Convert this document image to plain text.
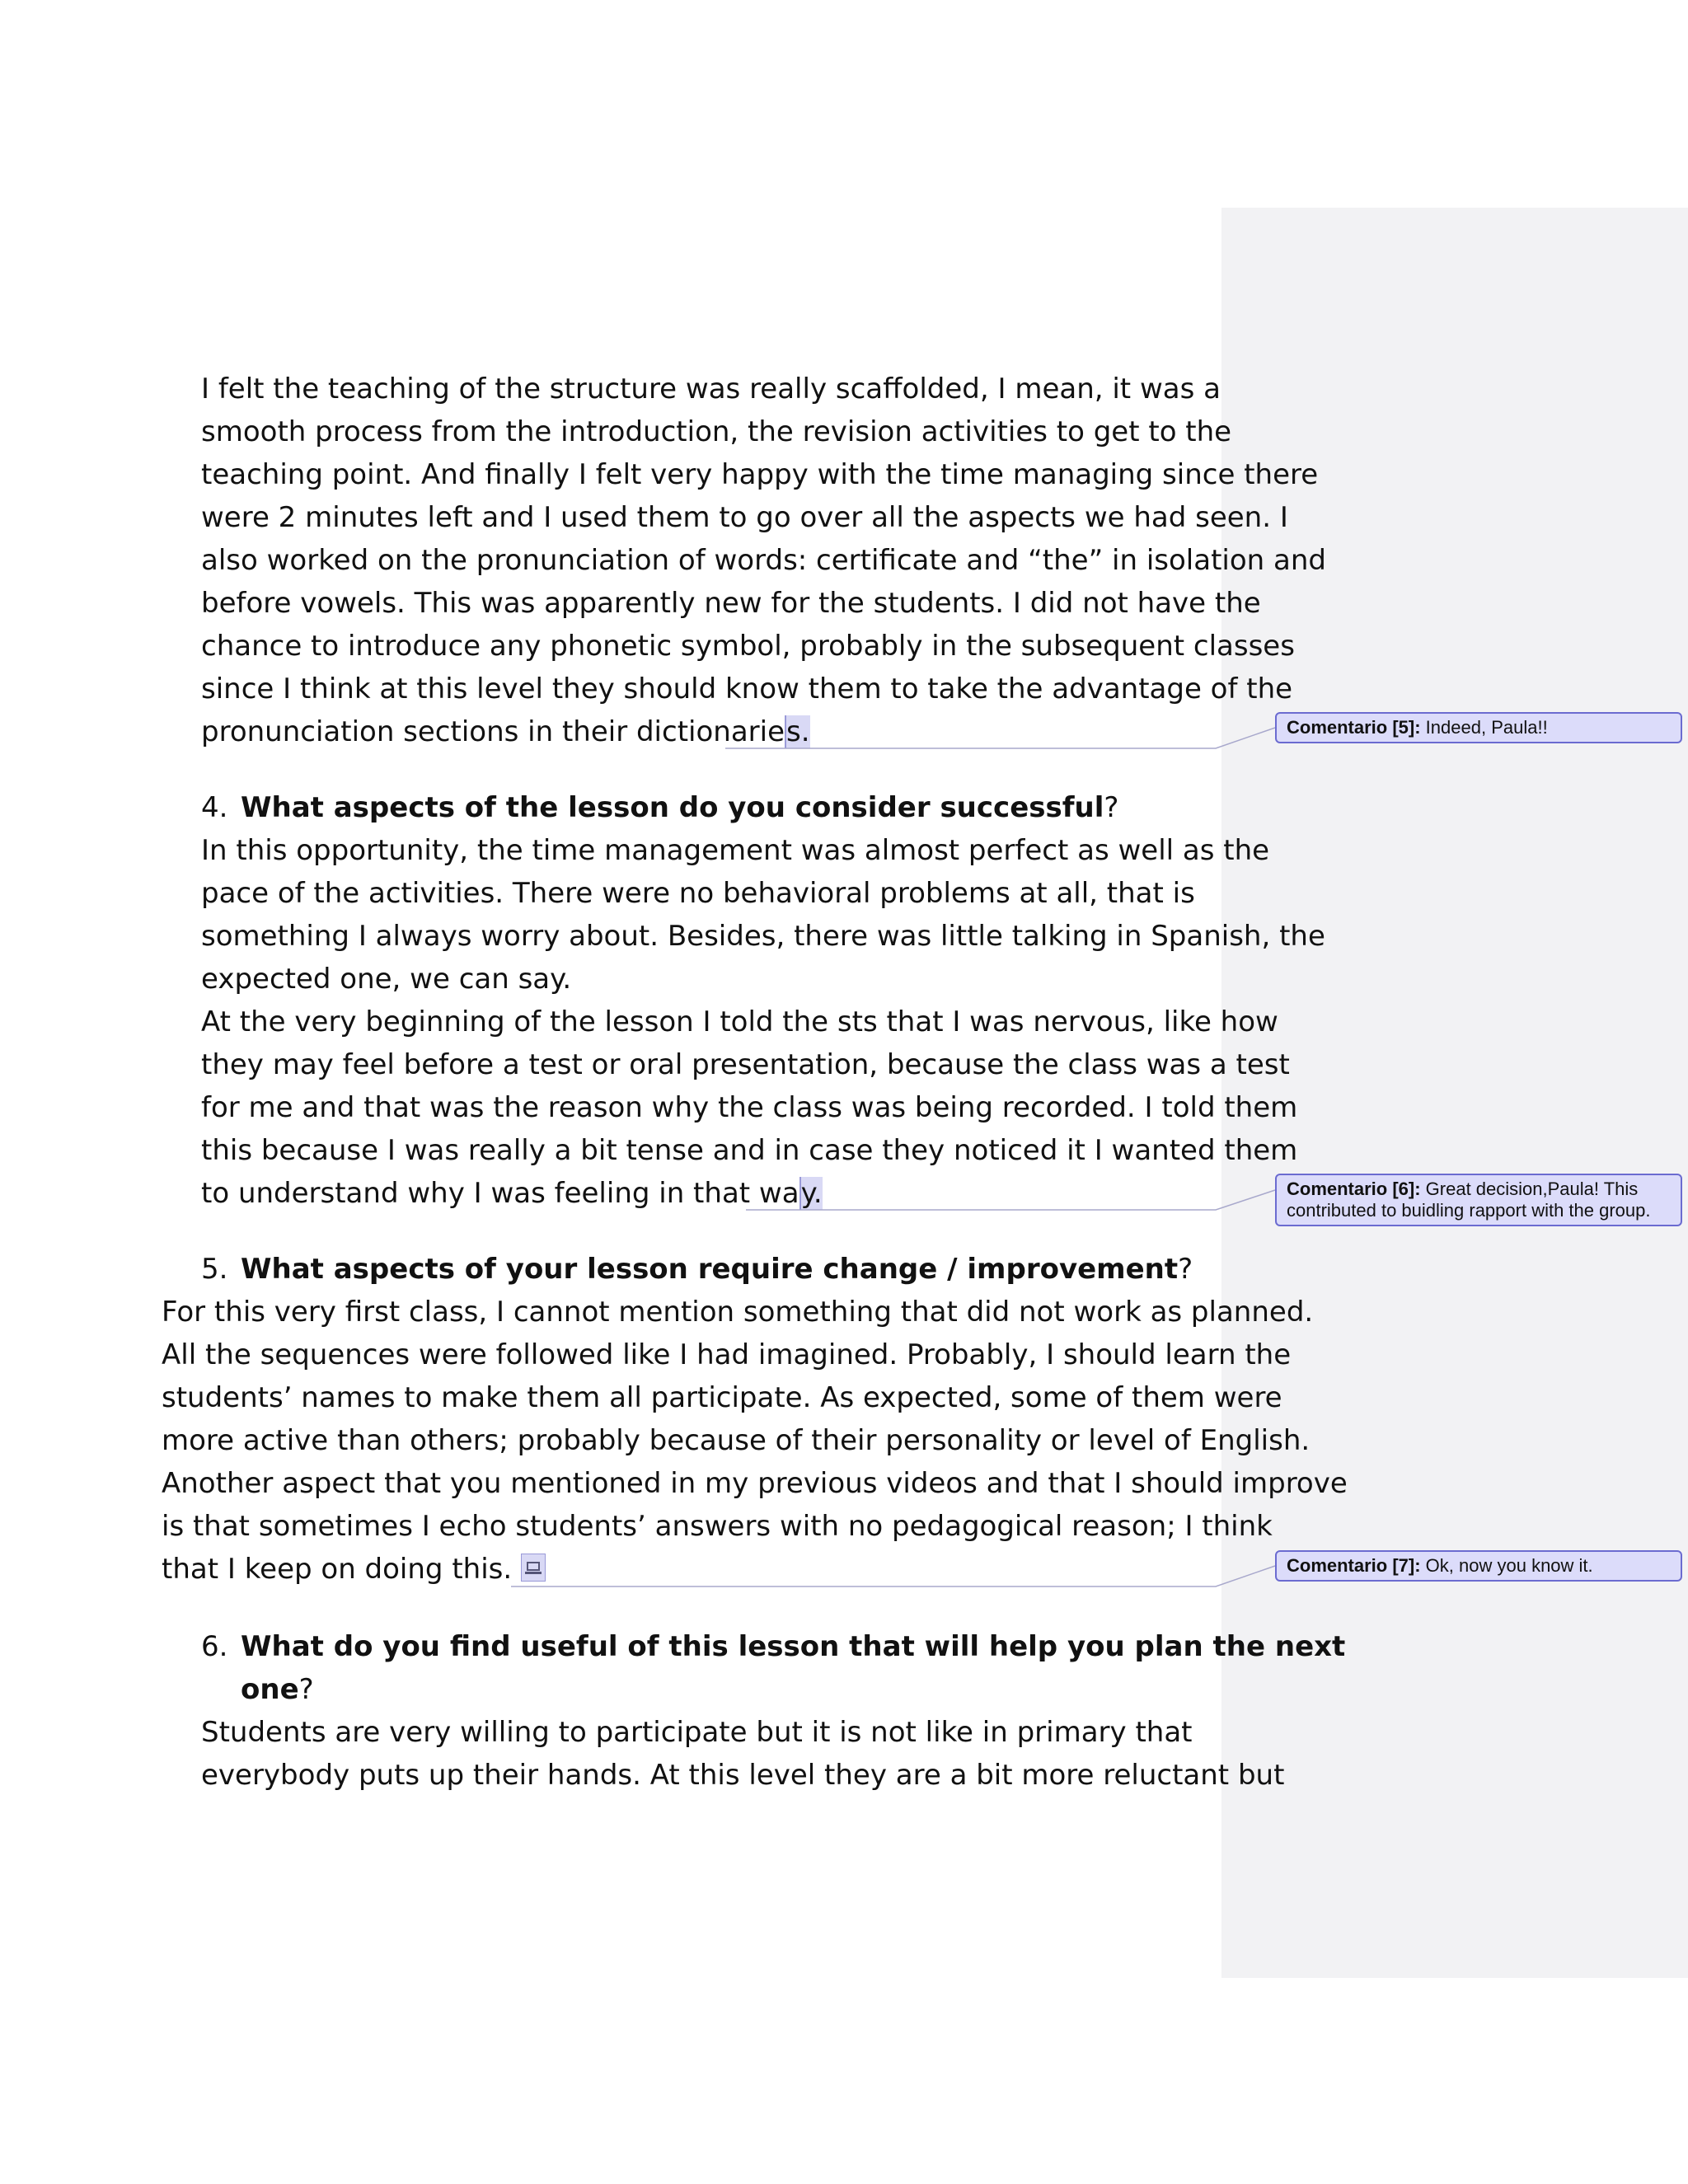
I felt the teaching of the structure was really scaffolded, I mean, it was a
smooth process from the introduction, the revision activities to get to the
teaching point. And finally I felt very happy with the time managing since there
were 2 minutes left and I used them to go over all the aspects we had seen. I
also worked on the pronunciation of words: certificate and “the” in isolation and
before vowels. This was apparently new for the students. I did not have the
chance to introduce any phonetic symbol, probably in the subsequent classes
since I think at this level they should know them to take the advantage of the
pronunciation sections in their dictionaries.
4. What aspects of the lesson do you consider successful?
In this opportunity, the time management was almost perfect as well as the
pace of the activities. There were no behavioral problems at all, that is
something I always worry about. Besides, there was little talking in Spanish, the
expected one, we can say.
At the very beginning of the lesson I told the sts that I was nervous, like how
they may feel before a test or oral presentation, because the class was a test
for me and that was the reason why the class was being recorded. I told them
this because I was really a bit tense and in case they noticed it I wanted them
to understand why I was feeling in that way.
5. What aspects of your lesson require change / improvement?
For this very first class, I cannot mention something that did not work as planned.
All the sequences were followed like I had imagined. Probably, I should learn the
students’ names to make them all participate. As expected, some of them were
more active than others; probably because of their personality or level of English.
Another aspect that you mentioned in my previous videos and that I should improve
is that sometimes I echo students’ answers with no pedagogical reason; I think
that I keep on doing this.
6. What do you find useful of this lesson that will help you plan the next
one?
Students are very willing to participate but it is not like in primary that
everybody puts up their hands. At this level they are a bit more reluctant but
Comentario [5]: Indeed, Paula!!
Comentario [6]: Great decision,Paula! This contributed to buidling rapport with the group.
Comentario [7]: Ok, now you know it.
